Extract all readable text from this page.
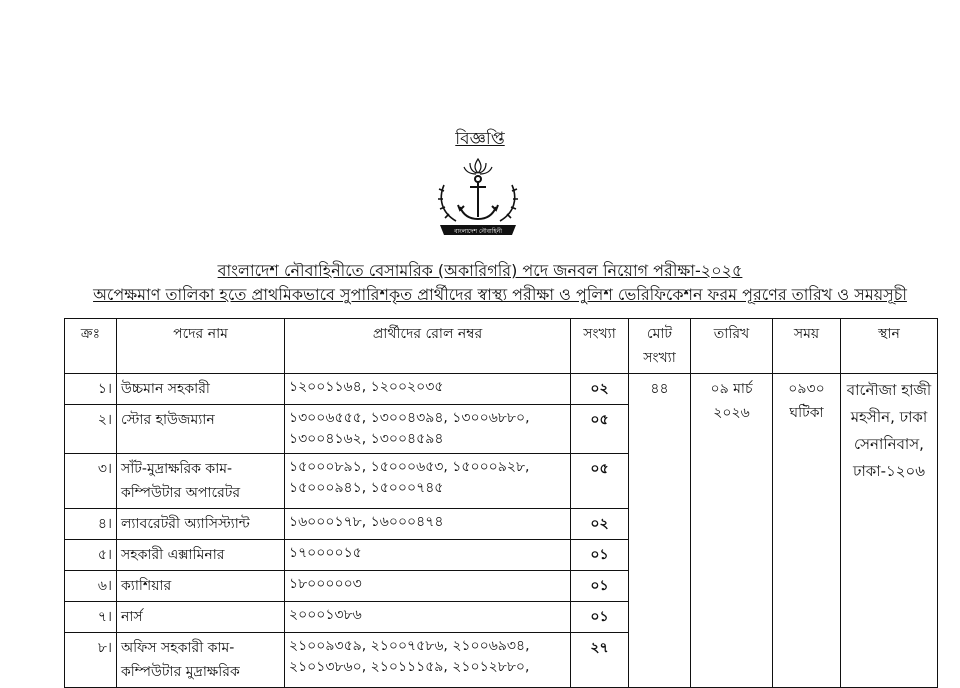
বিজ্ঞপ্তি
বাংলাদেশ নৌবাহিনী
বাংলাদেশ নৌবাহিনীতে বেসামরিক (অকারিগরি) পদে জনবল নিয়োগ পরীক্ষা-২০২৫
অপেক্ষমাণ তালিকা হতে প্রাথমিকভাবে সুপারিশকৃত প্রার্থীদের স্বাস্থ্য পরীক্ষা ও পুলিশ ভেরিফিকেশন ফরম পূরণের তারিখ ও সময়সূচী
ক্রঃ	পদের নাম	প্রার্থীদের রোল নম্বর	সংখ্যা	মোট সংখ্যা	তারিখ	সময়	স্থান
১।	উচ্চমান সহকারী	১২০০১১৬৪, ১২০০২০৩৫	০২	৪৪	০৯ মার্চ ২০২৬	০৯৩০ ঘটিকা	বানৌজা হাজী মহসীন, ঢাকা সেনানিবাস, ঢাকা-১২০৬
২।	স্টোর হাউজম্যান	১৩০০৬৫৫৫, ১৩০০৪৩৯৪, ১৩০০৬৮৮০, ১৩০০৪১৬২, ১৩০০৪৫৯৪	০৫				
৩।	সাঁট-মুদ্রাক্ষরিক কাম-কম্পিউটার অপারেটর	১৫০০০৮৯১, ১৫০০০৬৫৩, ১৫০০০৯২৮, ১৫০০০৯৪১, ১৫০০০৭৪৫	০৫				
৪।	ল্যাবরেটরী অ্যাসিস্ট্যান্ট	১৬০০০১৭৮, ১৬০০০৪৭৪	০২				
৫।	সহকারী এক্সামিনার	১৭০০০০১৫	০১				
৬।	ক্যাশিয়ার	১৮০০০০০৩	০১				
৭।	নার্স	২০০০১৩৮৬	০১				
৮।	অফিস সহকারী কাম-কম্পিউটার মুদ্রাক্ষরিক	২১০০৯৩৫৯, ২১০০৭৫৮৬, ২১০০৬৯৩৪, ২১০১৩৮৬০, ২১০১১১৫৯, ২১০১২৮৮০,	২৭				
